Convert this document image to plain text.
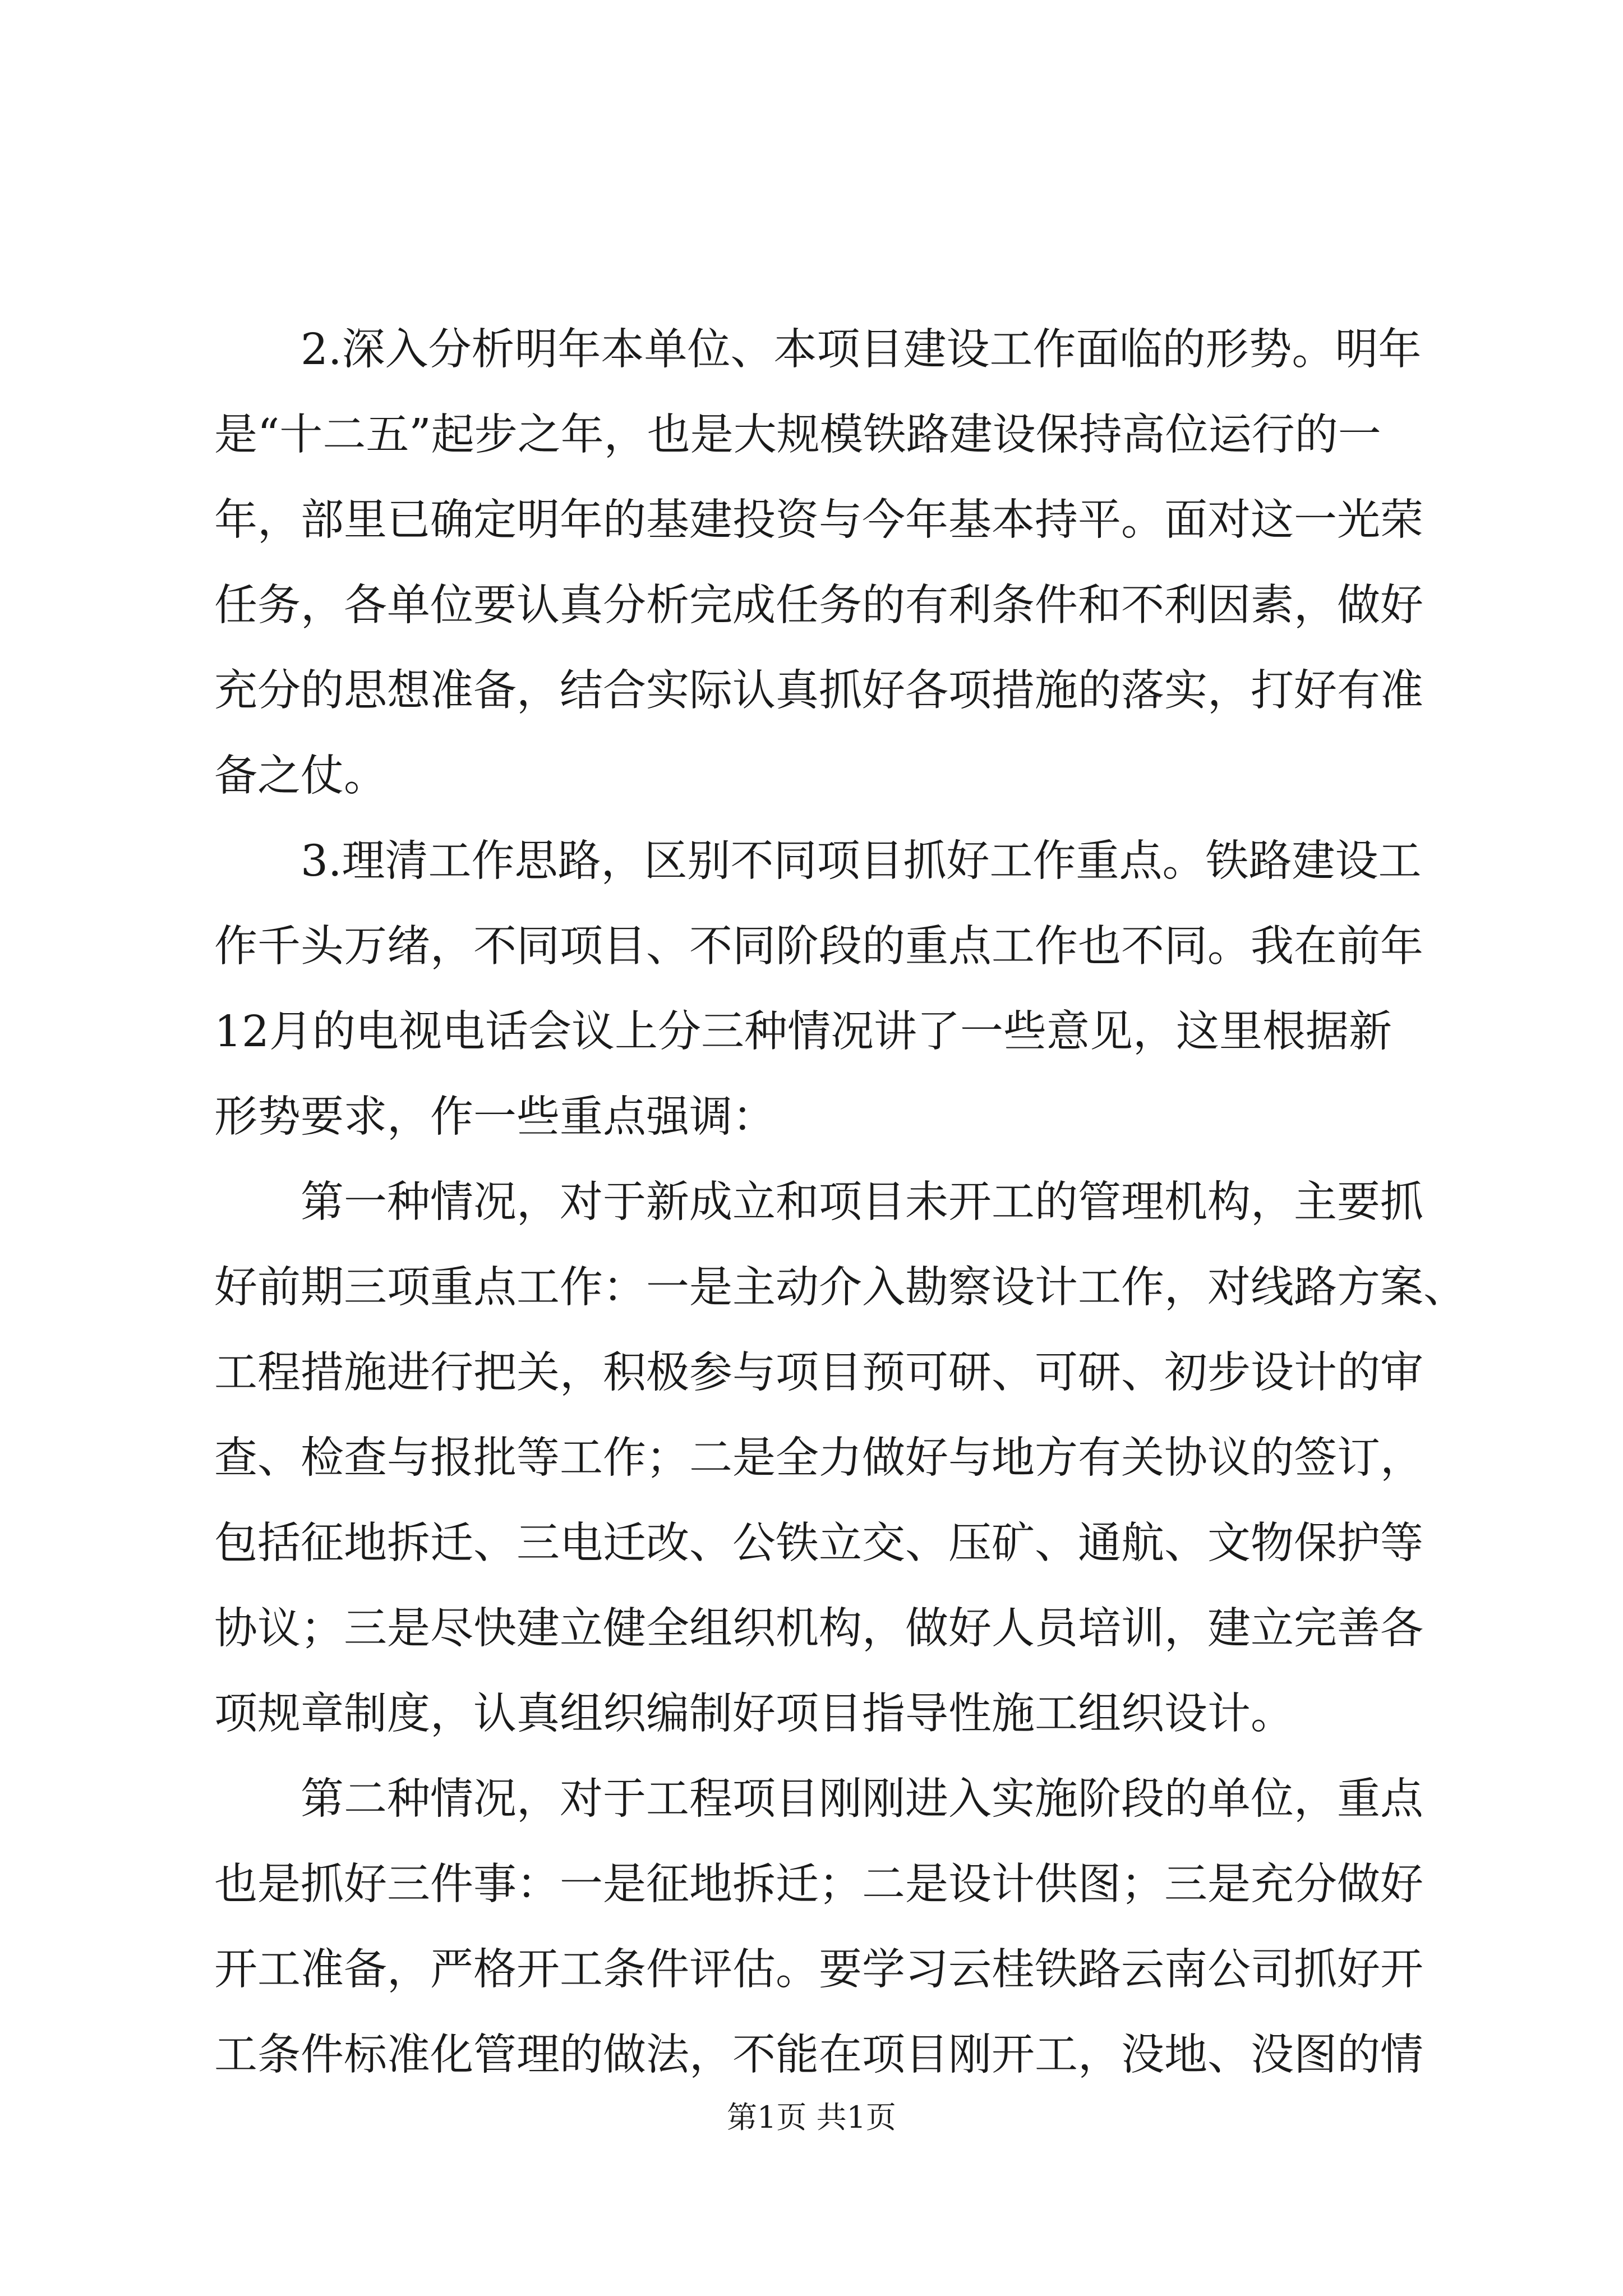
2.深入分析明年本单位、本项目建设工作面临的形势。明年
是“十二五”起步之年，也是大规模铁路建设保持高位运行的一
年，部里已确定明年的基建投资与今年基本持平。面对这一光荣
任务，各单位要认真分析完成任务的有利条件和不利因素，做好
充分的思想准备，结合实际认真抓好各项措施的落实，打好有准
备之仗。
3.理清工作思路，区别不同项目抓好工作重点。铁路建设工
作千头万绪，不同项目、不同阶段的重点工作也不同。我在前年
12月的电视电话会议上分三种情况讲了一些意见，这里根据新
形势要求，作一些重点强调：
第一种情况，对于新成立和项目未开工的管理机构，主要抓
好前期三项重点工作：一是主动介入勘察设计工作，对线路方案、
工程措施进行把关，积极参与项目预可研、可研、初步设计的审
查、检查与报批等工作；二是全力做好与地方有关协议的签订，
包括征地拆迁、三电迁改、公铁立交、压矿、通航、文物保护等
协议；三是尽快建立健全组织机构，做好人员培训，建立完善各
项规章制度，认真组织编制好项目指导性施工组织设计。
第二种情况，对于工程项目刚刚进入实施阶段的单位，重点
也是抓好三件事：一是征地拆迁；二是设计供图；三是充分做好
开工准备，严格开工条件评估。要学习云桂铁路云南公司抓好开
工条件标准化管理的做法，不能在项目刚开工，没地、没图的情
第1页 共1页
